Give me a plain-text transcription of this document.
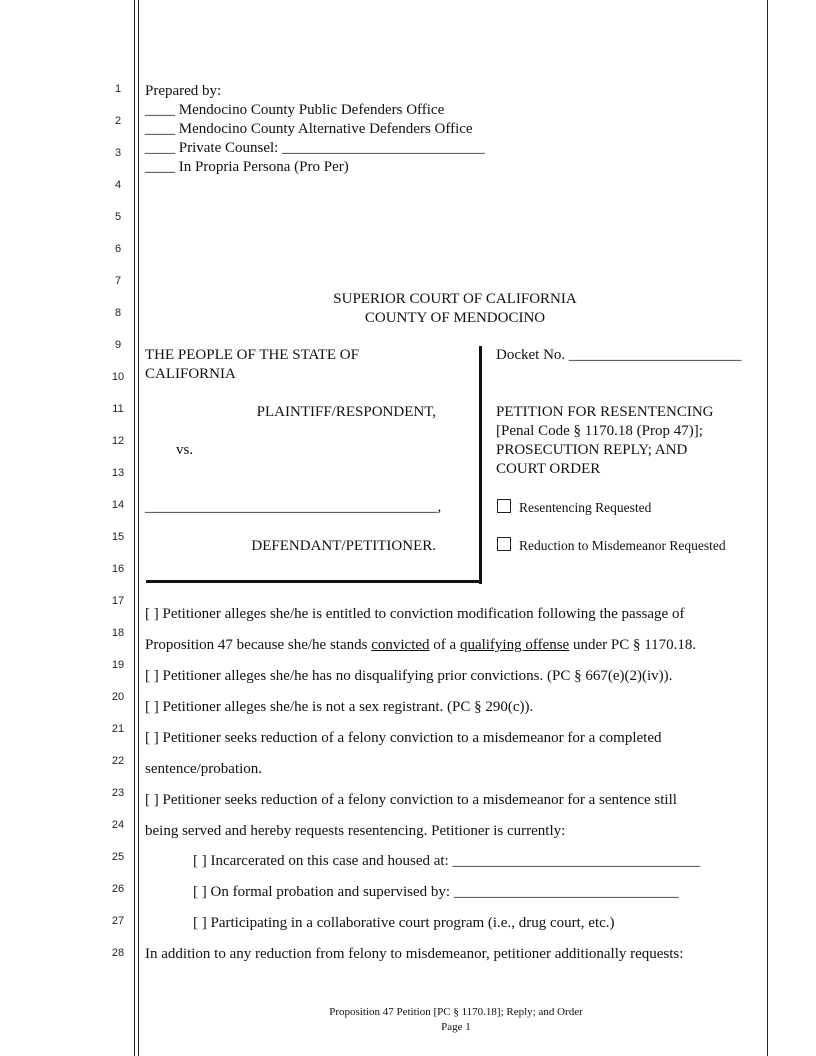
1
2
3
4
5
6
7
8
9
10
11
12
13
14
15
16
17
18
19
20
21
22
23
24
25
26
27
28
Prepared by:
____ Mendocino County Public Defenders Office
____ Mendocino County Alternative Defenders Office
____ Private Counsel: ___________________________
____ In Propria Persona (Pro Per)
SUPERIOR COURT OF CALIFORNIA
COUNTY OF MENDOCINO
THE PEOPLE OF THE STATE OF
CALIFORNIA
PLAINTIFF/RESPONDENT,
vs.
_______________________________________,
DEFENDANT/PETITIONER.
Docket No. _______________________
PETITION FOR RESENTENCING
[Penal Code § 1170.18 (Prop 47)];
PROSECUTION REPLY; AND
COURT ORDER
Resentencing Requested
Reduction to Misdemeanor Requested
[ ] Petitioner alleges she/he is entitled to conviction modification following the passage of
Proposition 47 because she/he stands convicted of a qualifying offense under PC § 1170.18.
[ ] Petitioner alleges she/he has no disqualifying prior convictions. (PC § 667(e)(2)(iv)).
[ ] Petitioner alleges she/he is not a sex registrant. (PC § 290(c)).
[ ] Petitioner seeks reduction of a felony conviction to a misdemeanor for a completed
sentence/probation.
[ ] Petitioner seeks reduction of a felony conviction to a misdemeanor for a sentence still
being served and hereby requests resentencing. Petitioner is currently:
[ ] Incarcerated on this case and housed at: _________________________________
[ ] On formal probation and supervised by: ______________________________
[ ] Participating in a collaborative court program (i.e., drug court, etc.)
In addition to any reduction from felony to misdemeanor, petitioner additionally requests:
Proposition 47 Petition [PC § 1170.18]; Reply; and Order
Page 1
